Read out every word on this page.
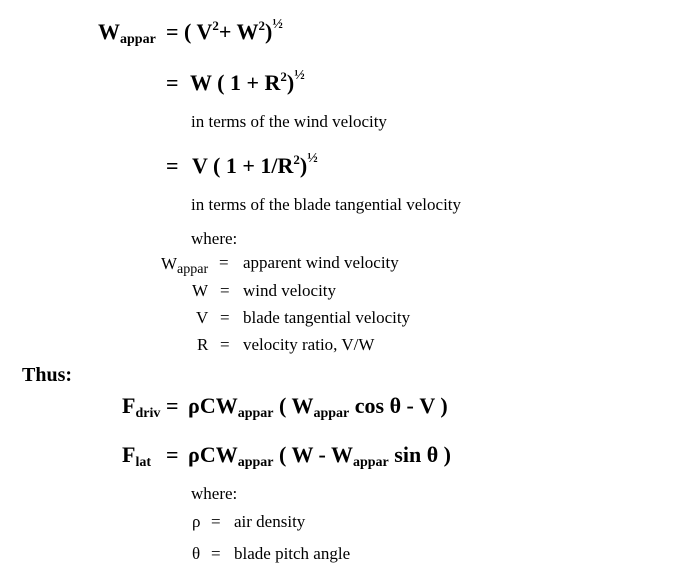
$W_{appar}$ = ( $V^2+ W^2)^{\frac{1}{2}}$
= W ( $1 + R^2)^{\frac{1}{2}}$
in terms of the wind velocity
= V ( $1 + 1/R^2)^{\frac{1}{2}}$
in terms of the blade tangential velocity
where:
$W_{appar}$ = apparent wind velocity
W = wind velocity
V = blade tangential velocity
R = velocity ratio, V/W
Thus:
$F_{driv} = \rho CW_{appar}$ ( $W_{appar}$ cos θ - V )
$F_{lat} = \rho CW_{appar}$ ( W - $W_{appar}$ sin θ )
where:
ρ = air density
θ = blade pitch angle
